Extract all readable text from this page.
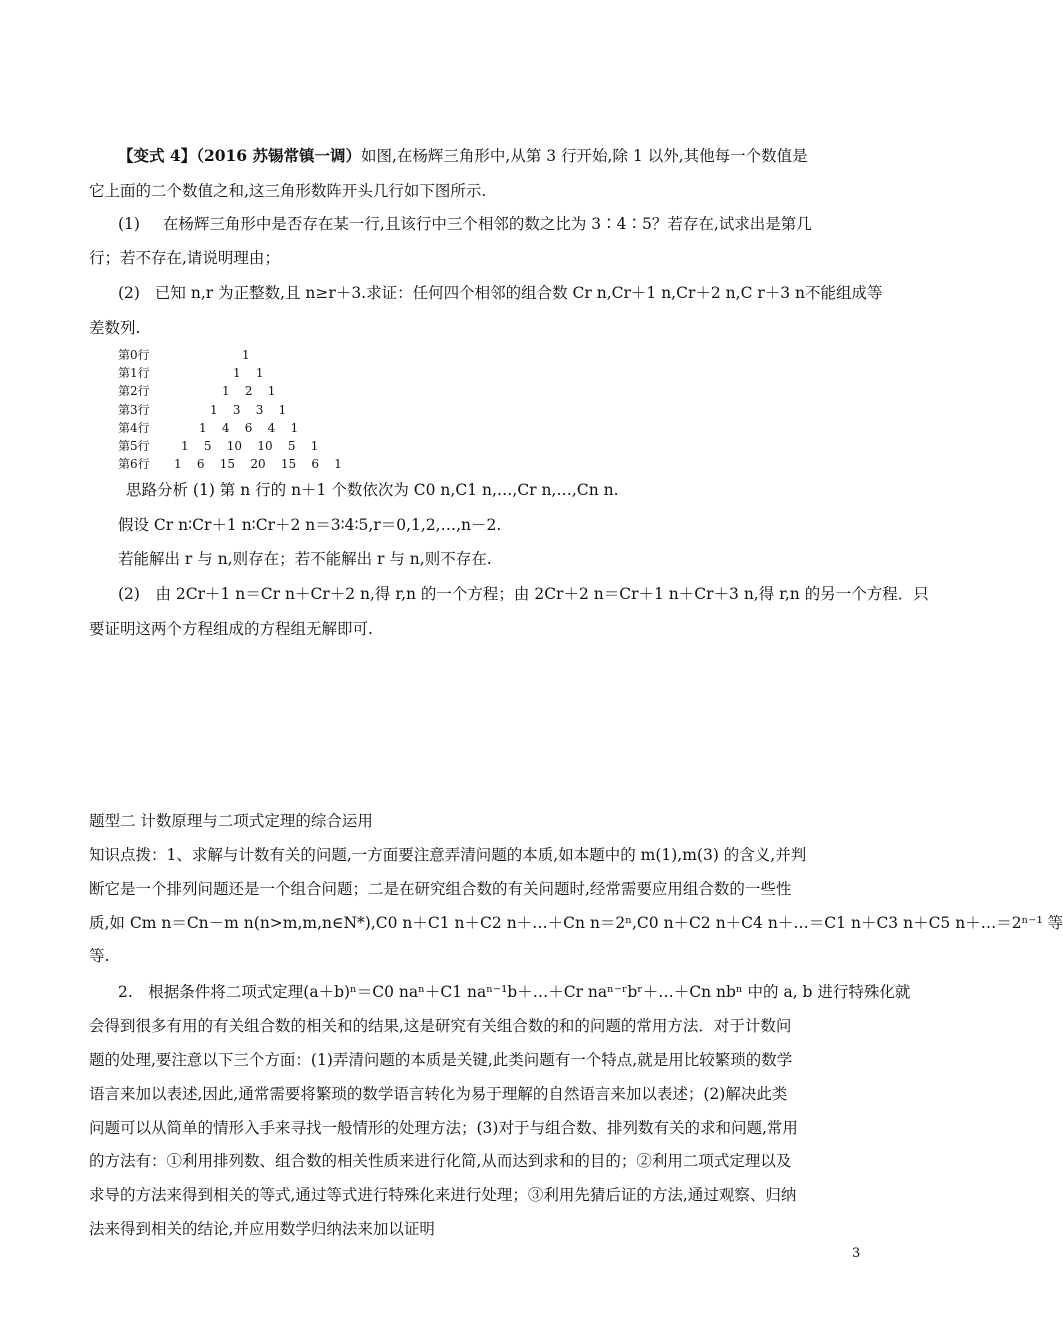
【变式 4】（2016 苏锡常镇一调）如图,在杨辉三角形中,从第 3 行开始,除 1 以外,其他每一个数值是
它上面的二个数值之和,这三角形数阵开头几行如下图所示.
(1) 在杨辉三角形中是否存在某一行,且该行中三个相邻的数之比为 3∶4∶5？若存在,试求出是第几
行；若不存在,请说明理由；
(2) 已知 n,r 为正整数,且 n≥r＋3.求证：任何四个相邻的组合数 Cr n,Cr＋1 n,Cr＋2 n,C r＋3 n不能组成等
差数列.
第0行	1
第1行	1    1
第2行	1    2    1
第3行	1    3    3    1
第4行	1    4    6    4    1
第5行	1    5    10    10    5    1
第6行 1    6    15    20    15    6    1
思路分析 (1) 第 n 行的 n＋1 个数依次为 C0 n,C1 n,…,Cr n,…,Cn n.
假设 Cr n∶Cr＋1 n∶Cr＋2 n＝3∶4∶5,r＝0,1,2,…,n－2.
若能解出 r 与 n,则存在；若不能解出 r 与 n,则不存在.
(2)　由 2Cr＋1 n＝Cr n＋Cr＋2 n,得 r,n 的一个方程；由 2Cr＋2 n＝Cr＋1 n＋Cr＋3 n,得 r,n 的另一个方程．只
要证明这两个方程组成的方程组无解即可.
题型二 计数原理与二项式定理的综合运用
知识点拨：1、求解与计数有关的问题,一方面要注意弄清问题的本质,如本题中的 m(1),m(3) 的含义,并判
断它是一个排列问题还是一个组合问题；二是在研究组合数的有关问题时,经常需要应用组合数的一些性
质,如 Cm n＝Cn－m n(n>m,m,n∈N*),C0 n＋C1 n＋C2 n＋…＋Cn n＝2ⁿ,C0 n＋C2 n＋C4 n＋…＝C1 n＋C3 n＋C5 n＋…＝2ⁿ⁻¹ 等
等.
2.　根据条件将二项式定理(a＋b)ⁿ＝C0 naⁿ＋C1 naⁿ⁻¹b＋…＋Cr naⁿ⁻ʳbʳ＋…＋Cn nbⁿ 中的 a, b 进行特殊化就
会得到很多有用的有关组合数的相关和的结果,这是研究有关组合数的和的问题的常用方法．对于计数问
题的处理,要注意以下三个方面：(1)弄清问题的本质是关键,此类问题有一个特点,就是用比较繁琐的数学
语言来加以表述,因此,通常需要将繁琐的数学语言转化为易于理解的自然语言来加以表述；(2)解决此类
问题可以从简单的情形入手来寻找一般情形的处理方法；(3)对于与组合数、排列数有关的求和问题,常用
的方法有：①利用排列数、组合数的相关性质来进行化简,从而达到求和的目的；②利用二项式定理以及
求导的方法来得到相关的等式,通过等式进行特殊化来进行处理；③利用先猜后证的方法,通过观察、归纳
法来得到相关的结论,并应用数学归纳法来加以证明
3
